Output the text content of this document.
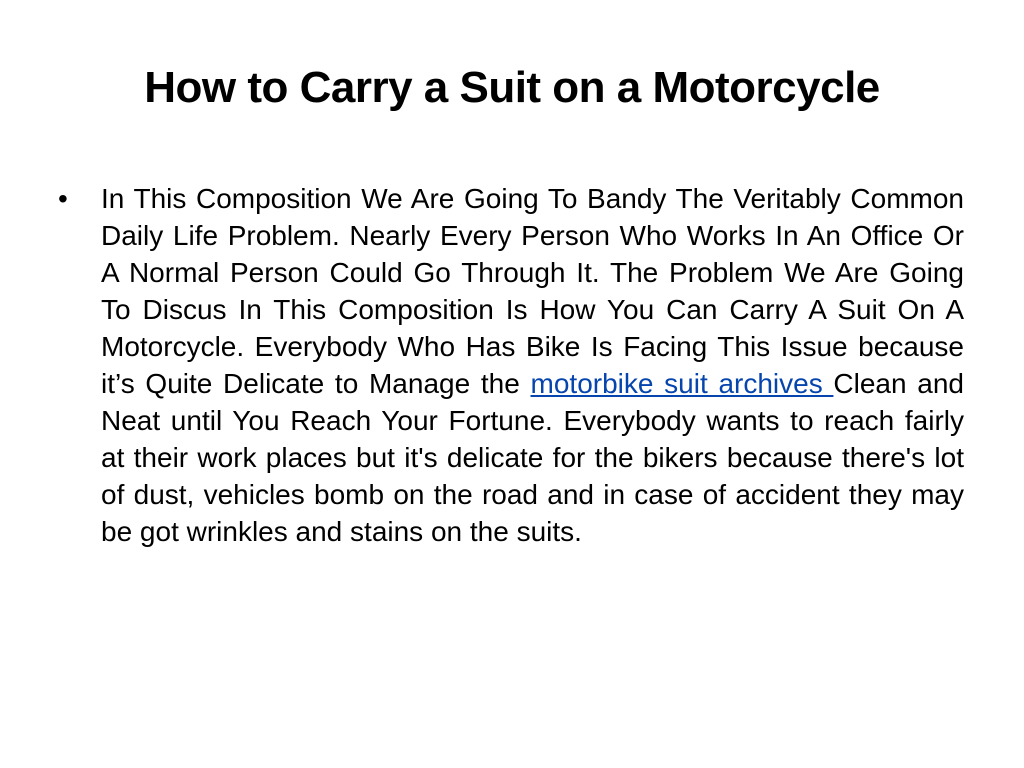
How to Carry a Suit on a Motorcycle
• In This Composition We Are Going To Bandy The Veritably Common Daily Life Problem. Nearly Every Person Who Works In An Office Or A Normal Person Could Go Through It. The Problem We Are Going To Discus In This Composition Is How You Can Carry A Suit On A Motorcycle. Everybody Who Has Bike Is Facing This Issue because it’s Quite Delicate to Manage the motorbike suit archives Clean and Neat until You Reach Your Fortune. Everybody wants to reach fairly at their work places but it's delicate for the bikers because there's lot of dust, vehicles bomb on the road and in case of accident they may be got wrinkles and stains on the suits.
